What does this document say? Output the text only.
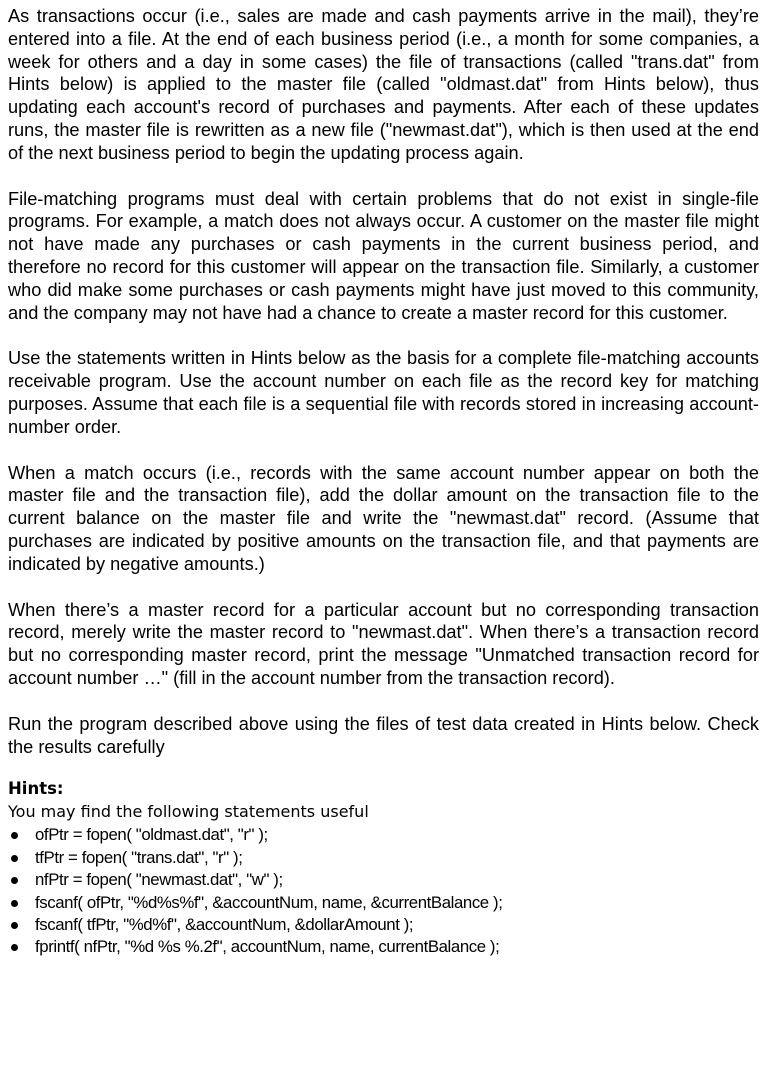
As transactions occur (i.e., sales are made and cash payments arrive in the mail), they’re entered into a file. At the end of each business period (i.e., a month for some companies, a week for others and a day in some cases) the file of transactions (called "trans.dat" from Hints below) is applied to the master file (called "oldmast.dat" from Hints below), thus updating each account's record of purchases and payments. After each of these updates runs, the master file is rewritten as a new file ("newmast.dat"), which is then used at the end of the next business period to begin the updating process again.

File-matching programs must deal with certain problems that do not exist in single-file programs. For example, a match does not always occur. A customer on the master file might not have made any purchases or cash payments in the current business period, and therefore no record for this customer will appear on the transaction file. Similarly, a customer who did make some purchases or cash payments might have just moved to this community, and the company may not have had a chance to create a master record for this customer.

Use the statements written in Hints below as the basis for a complete file-matching accounts receivable program. Use the account number on each file as the record key for matching purposes. Assume that each file is a sequential file with records stored in increasing account-number order.

When a match occurs (i.e., records with the same account number appear on both the master file and the transaction file), add the dollar amount on the transaction file to the current balance on the master file and write the "newmast.dat" record. (Assume that purchases are indicated by positive amounts on the transaction file, and that payments are indicated by negative amounts.)

When there’s a master record for a particular account but no corresponding transaction record, merely write the master record to "newmast.dat". When there’s a transaction record but no corresponding master record, print the message "Unmatched transaction record for account number …" (fill in the account number from the transaction record).

Run the program described above using the files of test data created in Hints below. Check the results carefully

Hints:

You may find the following statements useful

ofPtr = fopen( "oldmast.dat", "r" );
tfPtr = fopen( "trans.dat", "r" );
nfPtr = fopen( "newmast.dat", "w" );
fscanf( ofPtr, "%d%s%f", &accountNum, name, &currentBalance );
fscanf( tfPtr, "%d%f", &accountNum, &dollarAmount );
fprintf( nfPtr, "%d %s %.2f", accountNum, name, currentBalance );
